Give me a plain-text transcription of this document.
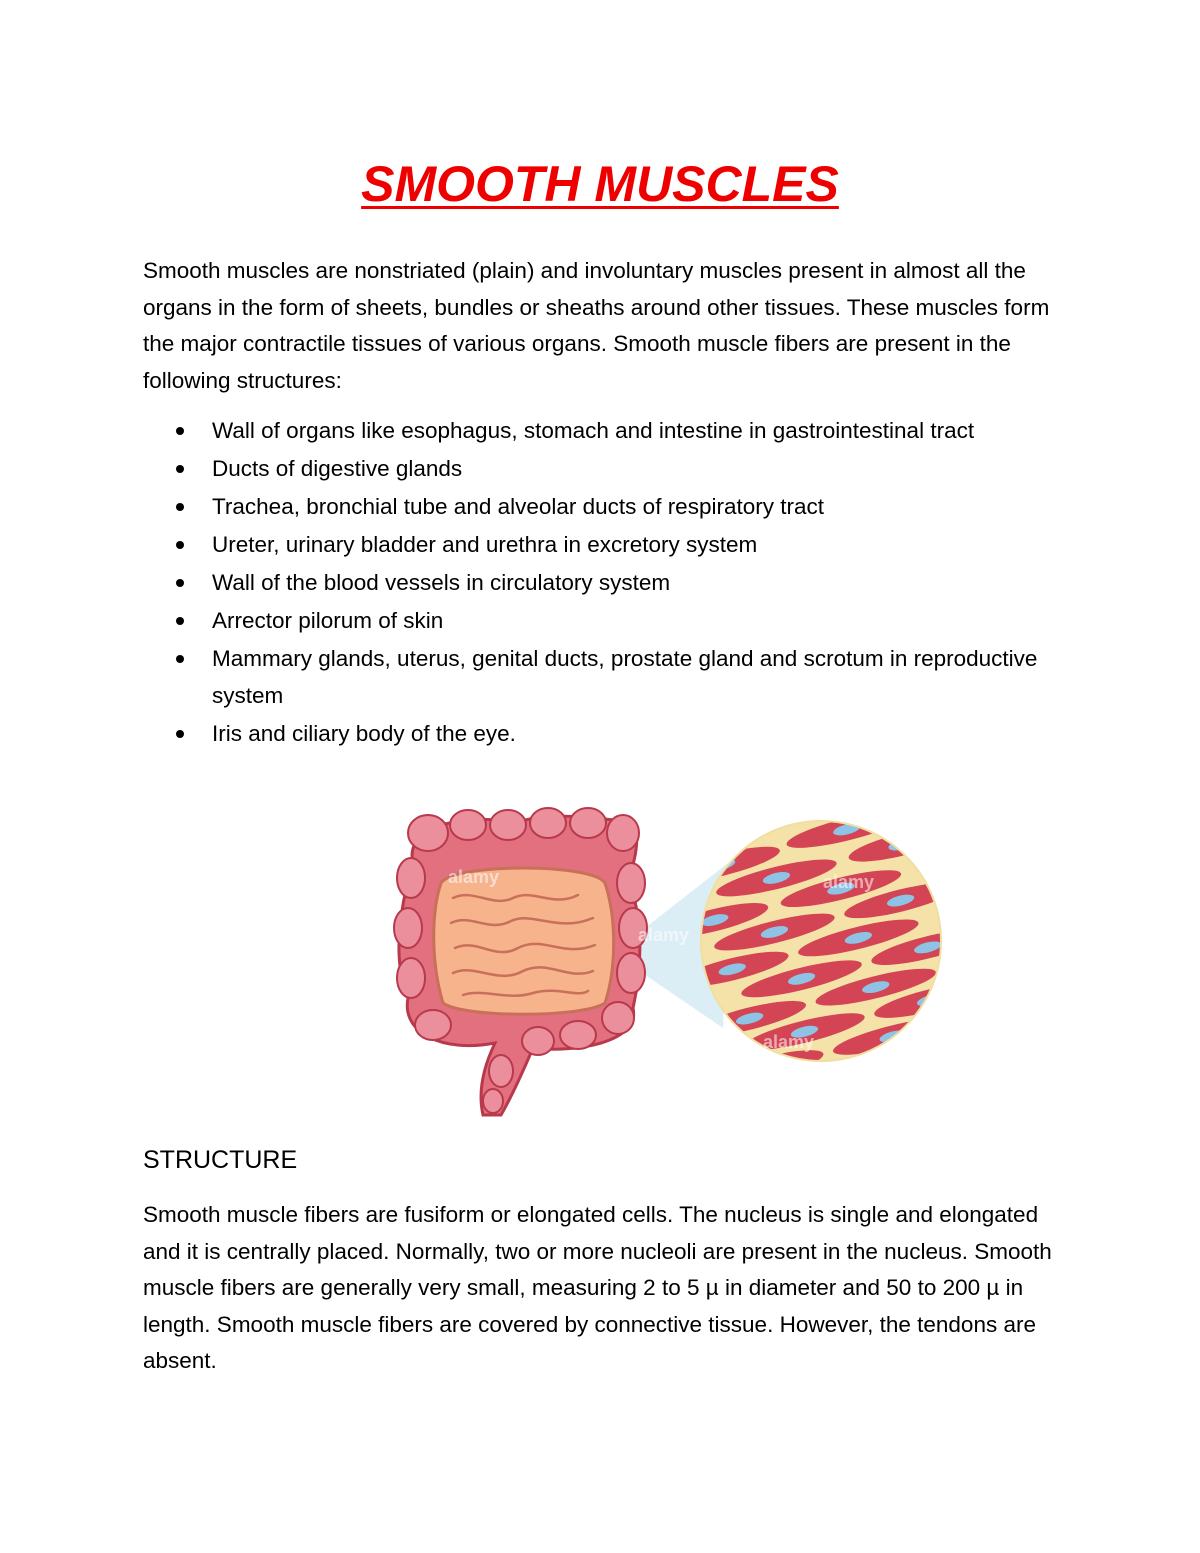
SMOOTH MUSCLES

Smooth muscles are nonstriated (plain) and involuntary muscles present in almost all the organs in the form of sheets, bundles or sheaths around other tissues. These muscles form the major contractile tissues of various organs. Smooth muscle fibers are present in the following structures:

Wall of organs like esophagus, stomach and intestine in gastrointestinal tract
Ducts of digestive glands
Trachea, bronchial tube and alveolar ducts of respiratory tract
Ureter, urinary bladder and urethra in excretory system
Wall of the blood vessels in circulatory system
Arrector pilorum of skin
Mammary glands, uterus, genital ducts, prostate gland and scrotum in reproductive system
Iris and ciliary body of the eye.
alamy	alamy
alamy
alamy
STRUCTURE

Smooth muscle fibers are fusiform or elongated cells. The nucleus is single and elongated and it is centrally placed. Normally, two or more nucleoli are present in the nucleus. Smooth muscle fibers are generally very small, measuring 2 to 5 µ in diameter and 50 to 200 µ in length. Smooth muscle fibers are covered by connective tissue. However, the tendons are absent.
